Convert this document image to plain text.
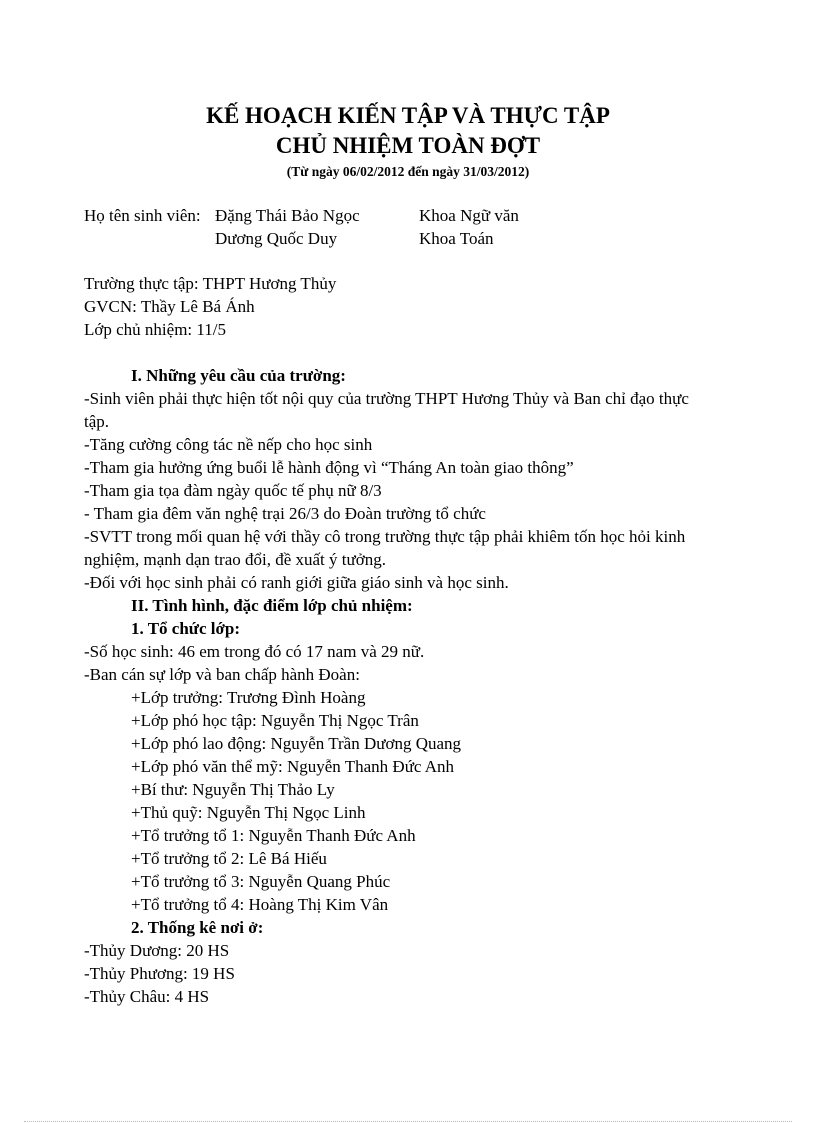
KẾ HOẠCH KIẾN TẬP VÀ THỰC TẬP
CHỦ NHIỆM TOÀN ĐỢT
(Từ ngày 06/02/2012 đến ngày 31/03/2012)
Họ tên sinh viên: Đặng Thái Bảo Ngọc	Khoa Ngữ văn
Dương Quốc Duy	Khoa Toán
Trường thực tập: THPT Hương Thủy
GVCN: Thầy Lê Bá Ánh
Lớp chủ nhiệm: 11/5
I. Những yêu cầu của trường:
-Sinh viên phải thực hiện tốt nội quy của trường THPT Hương Thủy và Ban chỉ đạo thực
tập.
-Tăng cường công tác nề nếp cho học sinh
-Tham gia hưởng ứng buổi lễ hành động vì “Tháng An toàn giao thông”
-Tham gia tọa đàm ngày quốc tế phụ nữ 8/3
- Tham gia đêm văn nghệ trại 26/3 do Đoàn trường tổ chức
-SVTT trong mối quan hệ với thầy cô trong trường thực tập phải khiêm tốn học hỏi kinh
nghiệm, mạnh dạn trao đổi, đề xuất ý tưởng.
-Đối với học sinh phải có ranh giới giữa giáo sinh và học sinh.
II. Tình hình, đặc điểm lớp chủ nhiệm:
1. Tổ chức lớp:
-Số học sinh: 46 em trong đó có 17 nam và 29 nữ.
-Ban cán sự lớp và ban chấp hành Đoàn:
+Lớp trưởng: Trương Đình Hoàng
+Lớp phó học tập: Nguyễn Thị Ngọc Trân
+Lớp phó lao động: Nguyễn Trần Dương Quang
+Lớp phó văn thể mỹ: Nguyễn Thanh Đức Anh
+Bí thư: Nguyễn Thị Thảo Ly
+Thủ quỹ: Nguyễn Thị Ngọc Linh
+Tổ trưởng tổ 1: Nguyễn Thanh Đức Anh
+Tổ trưởng tổ 2: Lê Bá Hiếu
+Tổ trưởng tổ 3: Nguyễn Quang Phúc
+Tổ trưởng tổ 4: Hoàng Thị Kim Vân
2. Thống kê nơi ở:
-Thủy Dương: 20 HS
-Thủy Phương: 19 HS
-Thủy Châu: 4 HS
